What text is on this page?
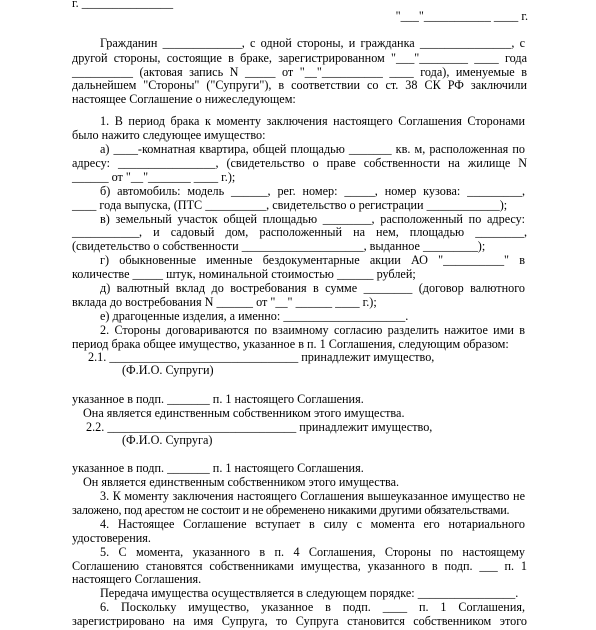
г. _______________
"___"___________ ____ г.
Гражданин _____________, с одной стороны, и гражданка _______________, с
другой стороны, состоящие в браке, зарегистрированном "___"________ ____ года
__________ (актовая запись N _____ от "__"__________ ____ года), именуемые в
дальнейшем "Стороны" ("Супруги"), в соответствии со ст. 38 СК РФ заключили
настоящее Соглашение о нижеследующем:
1. В период брака к моменту заключения настоящего Соглашения Сторонами
было нажито следующее имущество:
а) ____-комнатная квартира, общей площадью _______ кв. м, расположенная по
адресу: ________________, (свидетельство о праве собственности на жилище N
______ от "__"_______ ____ г.);
б) автомобиль: модель ______, рег. номер: _____, номер кузова: _________,
____ года выпуска, (ПТС __________, свидетельство о регистрации ____________);
в) земельный участок общей площадью ________, расположенный по адресу:
___________, и садовый дом, расположенный на нем, площадью ________,
(свидетельство о собственности ____________________, выданное _________);
г) обыкновенные именные бездокументарные акции АО "__________" в
количестве _____ штук, номинальной стоимостью ______ рублей;
д) валютный вклад до востребования в сумме ________ (договор валютного
вклада до востребования N ______ от "__" ______ ____ г.);
е) драгоценные изделия, а именно: ____________________.
2. Стороны договариваются по взаимному согласию разделить нажитое ими в
период брака общее имущество, указанное в п. 1 Соглашения, следующим образом:
2.1. _______________________________ принадлежит имущество,
(Ф.И.О. Супруги)
указанное в подп. _______ п. 1 настоящего Соглашения.
Она является единственным собственником этого имущества.
2.2. _______________________________ принадлежит имущество,
(Ф.И.О. Супруга)
указанное в подп. _______ п. 1 настоящего Соглашения.
Он является единственным собственником этого имущества.
3. К моменту заключения настоящего Соглашения вышеуказанное имущество не
заложено, под арестом не состоит и не обременено никакими другими обязательствами.
4. Настоящее Соглашение вступает в силу с момента его нотариального
удостоверения.
5. С момента, указанного в п. 4 Соглашения, Стороны по настоящему
Соглашению становятся собственниками имущества, указанного в подп. ___ п. 1
настоящего Соглашения.
Передача имущества осуществляется в следующем порядке: ________________.
6. Поскольку имущество, указанное в подп. ____ п. 1 Соглашения,
зарегистрировано на имя Супруга, то Супруга становится собственником этого
